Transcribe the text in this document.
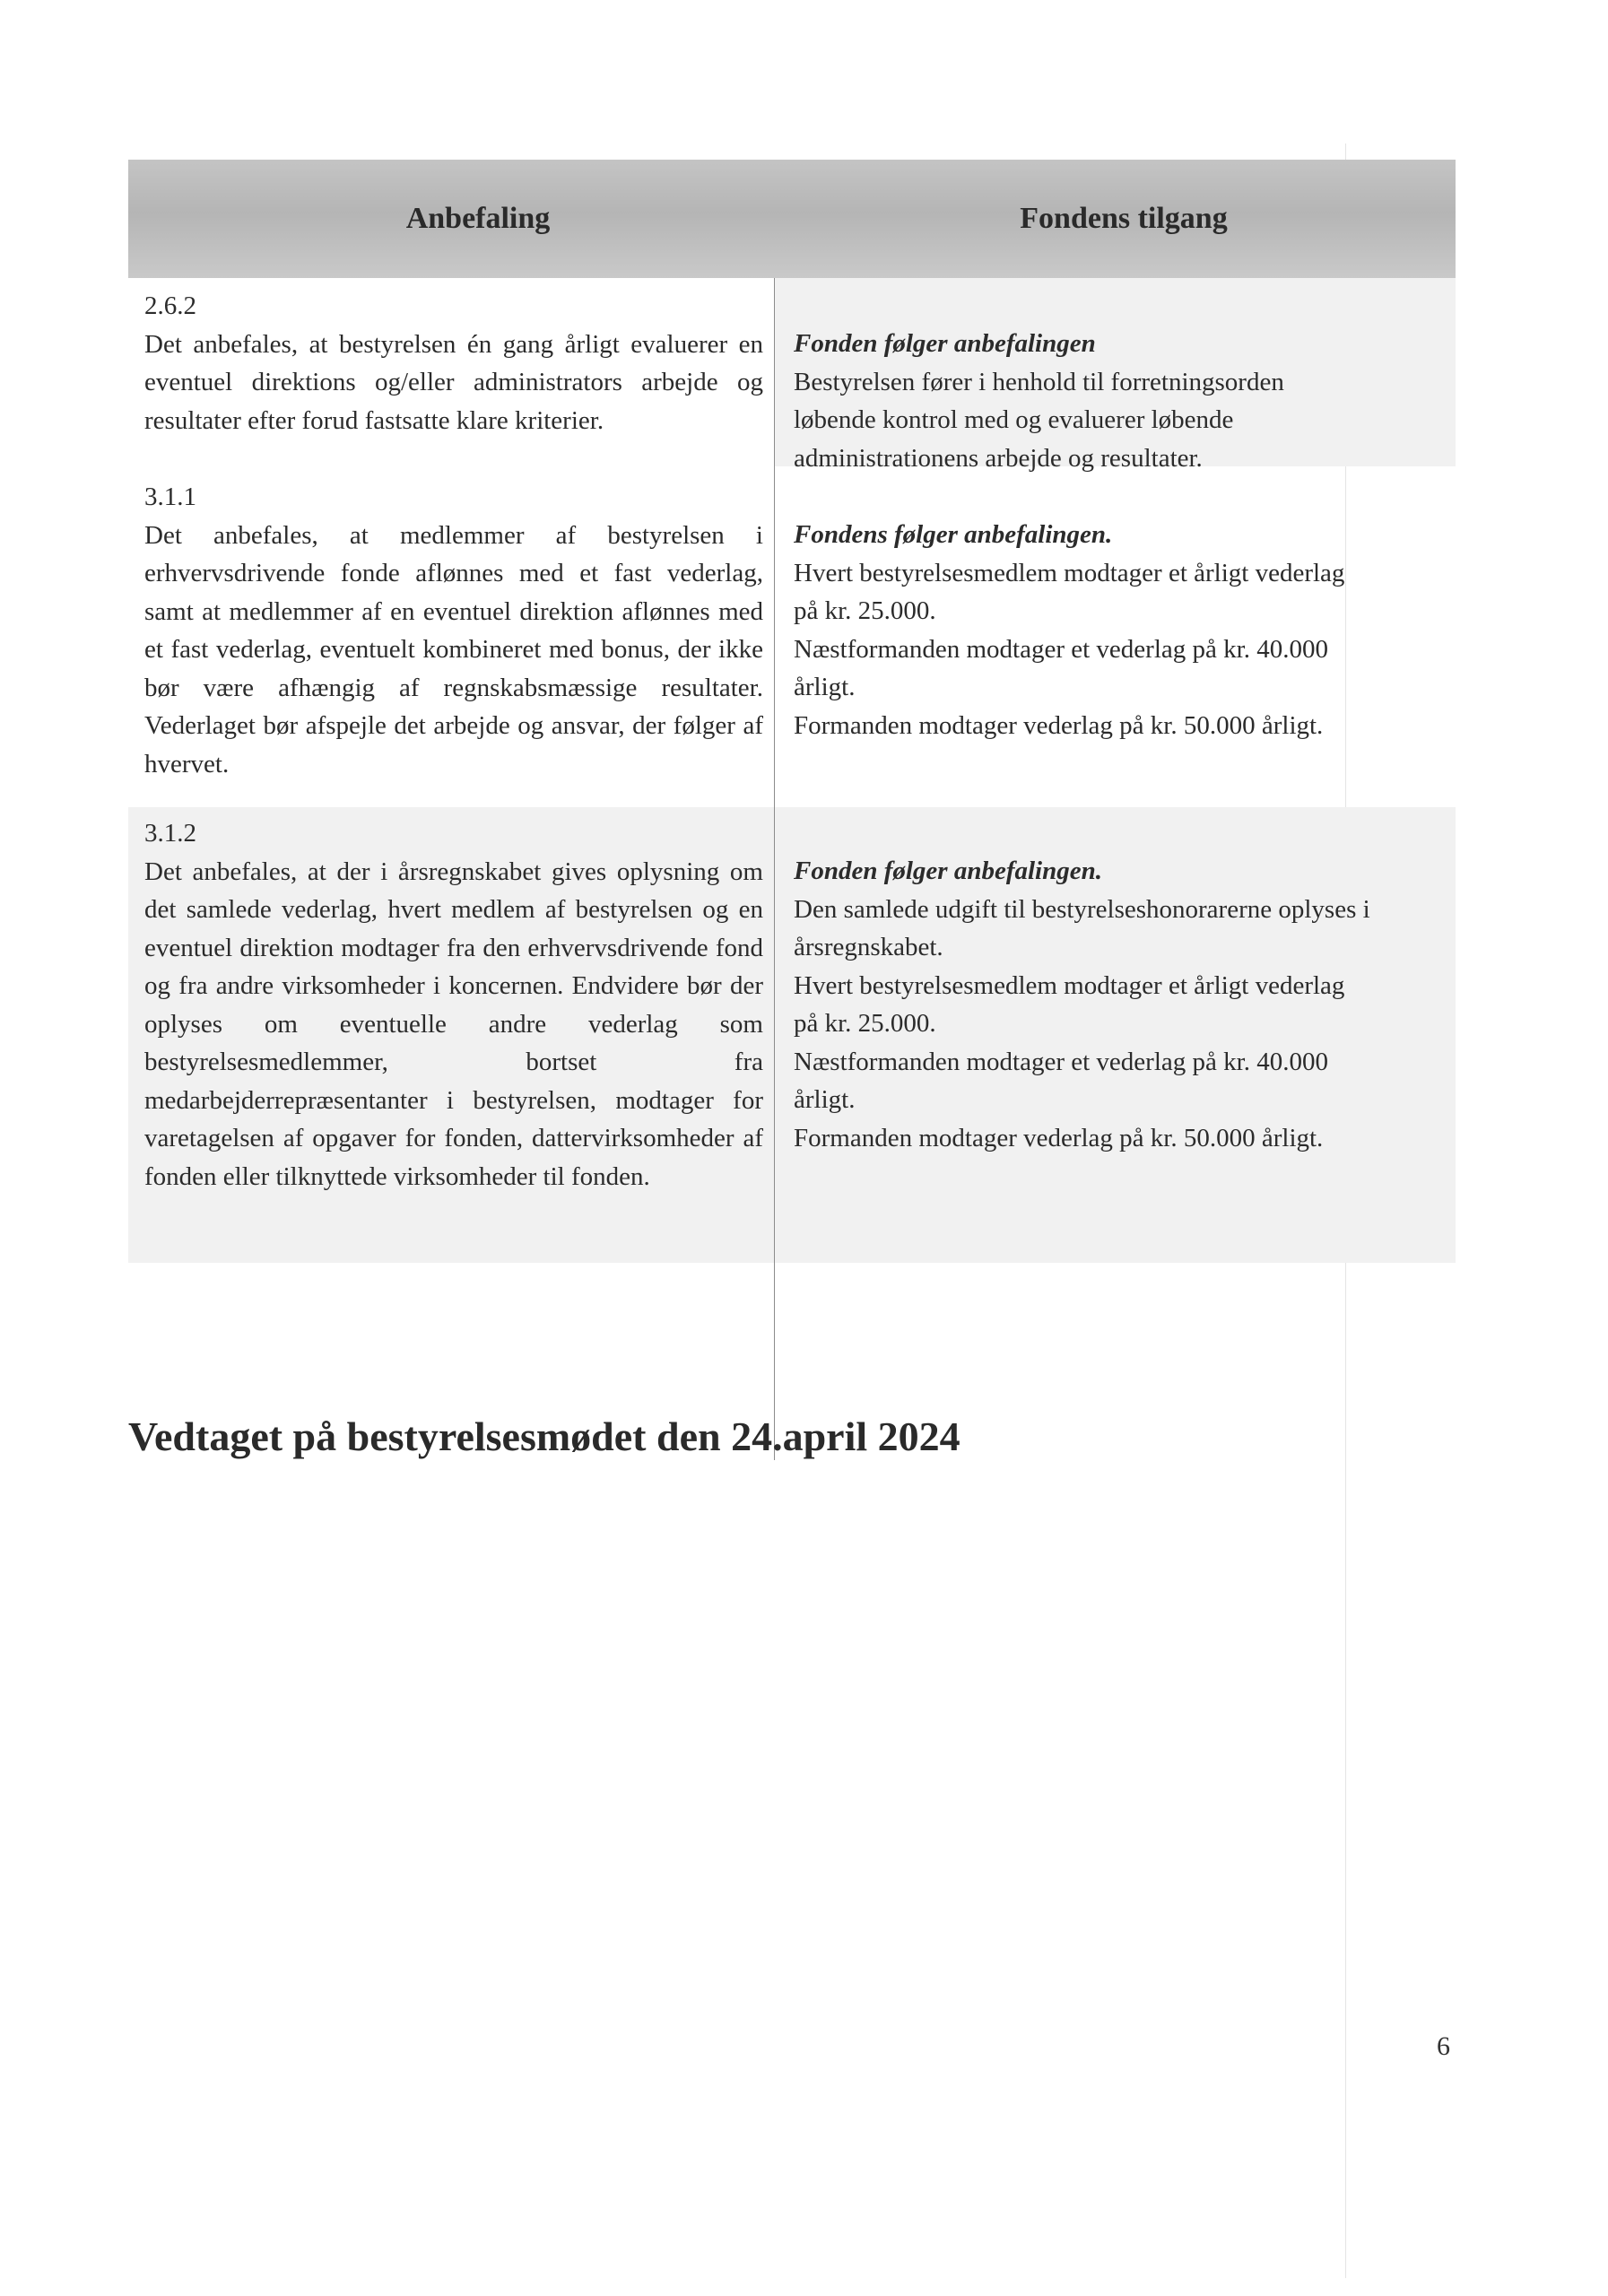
Anbefaling	Fondens tilgang
2.6.2
Det anbefales, at bestyrelsen én gang årligt evaluerer en eventuel direktions og/eller administrators arbejde og resultater efter forud fastsatte klare kriterier.
Fonden følger anbefalingen
Bestyrelsen fører i henhold til forretningsorden
løbende kontrol med og evaluerer løbende
administrationens arbejde og resultater.
3.1.1
Det anbefales, at medlemmer af bestyrelsen i erhvervsdrivende fonde aflønnes med et fast vederlag, samt at medlemmer af en eventuel direktion aflønnes med et fast vederlag, eventuelt kombineret med bonus, der ikke bør være afhængig af regnskabsmæssige resultater. Vederlaget bør afspejle det arbejde og ansvar, der følger af hvervet.
Fondens følger anbefalingen.
Hvert bestyrelsesmedlem modtager et årligt vederlag
på kr. 25.000.
Næstformanden modtager et vederlag på kr. 40.000
årligt.
Formanden modtager vederlag på kr. 50.000 årligt.
3.1.2
Det anbefales, at der i årsregnskabet gives oplysning om det samlede vederlag, hvert medlem af bestyrelsen og en eventuel direktion modtager fra den erhvervsdrivende fond og fra andre virksomheder i koncernen. Endvidere bør der oplyses om eventuelle andre vederlag som bestyrelsesmedlemmer, bortset fra medarbejderrepræsentanter i bestyrelsen, modtager for varetagelsen af opgaver for fonden, dattervirksomheder af fonden eller tilknyttede virksomheder til fonden.
Fonden følger anbefalingen.
Den samlede udgift til bestyrelseshonorarerne oplyses i
årsregnskabet.
Hvert bestyrelsesmedlem modtager et årligt vederlag
på kr. 25.000.
Næstformanden modtager et vederlag på kr. 40.000
årligt.
Formanden modtager vederlag på kr. 50.000 årligt.
Vedtaget på bestyrelsesmødet den 24.april 2024
6
